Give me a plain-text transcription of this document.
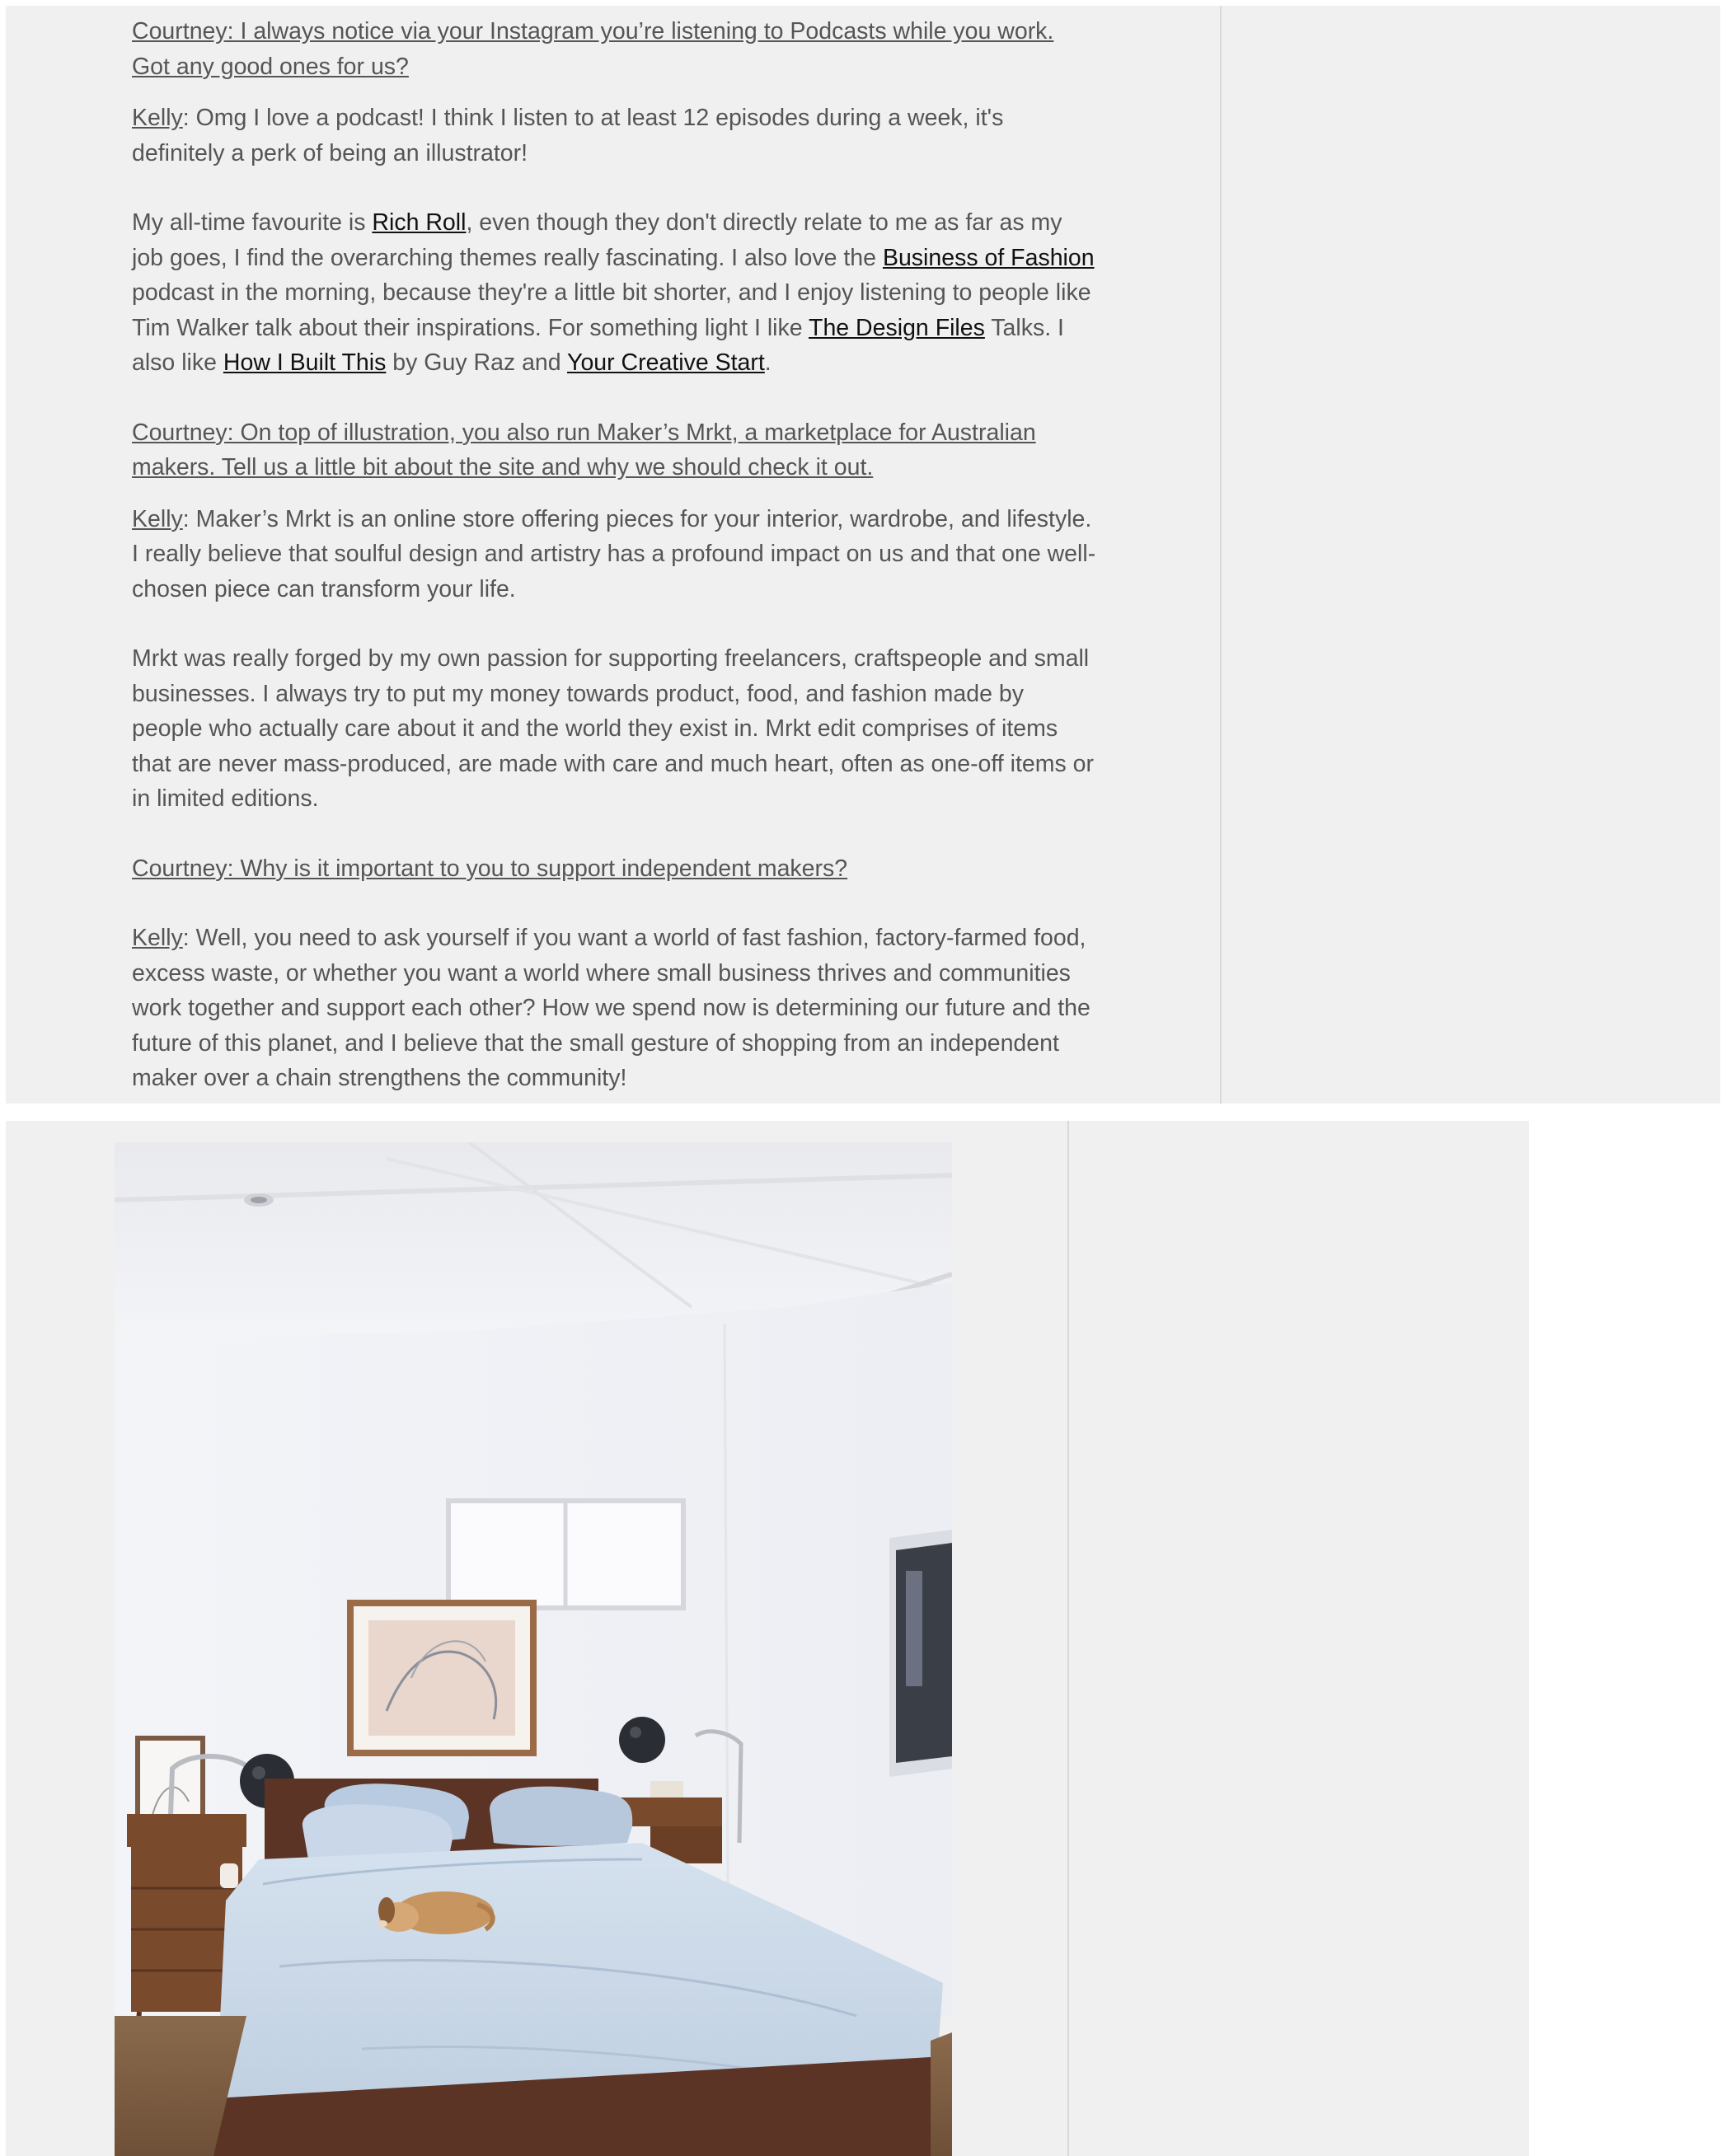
Courtney: I always notice via your Instagram you’re listening to Podcasts while you work. Got any good ones for us?

Kelly: Omg I love a podcast! I think I listen to at least 12 episodes during a week, it's definitely a perk of being an illustrator!

My all-time favourite is Rich Roll, even though they don't directly relate to me as far as my job goes, I find the overarching themes really fascinating. I also love the Business of Fashion podcast in the morning, because they're a little bit shorter, and I enjoy listening to people like Tim Walker talk about their inspirations. For something light I like The Design Files Talks. I also like How I Built This by Guy Raz and Your Creative Start.

Courtney: On top of illustration, you also run Maker’s Mrkt, a marketplace for Australian makers. Tell us a little bit about the site and why we should check it out.

Kelly: Maker’s Mrkt is an online store offering pieces for your interior, wardrobe, and lifestyle. I really believe that soulful design and artistry has a profound impact on us and that one well-chosen piece can transform your life.

Mrkt was really forged by my own passion for supporting freelancers, craftspeople and small businesses. I always try to put my money towards product, food, and fashion made by people who actually care about it and the world they exist in. Mrkt edit comprises of items that are never mass-produced, are made with care and much heart, often as one-off items or in limited editions.

Courtney: Why is it important to you to support independent makers?

Kelly: Well, you need to ask yourself if you want a world of fast fashion, factory-farmed food, excess waste, or whether you want a world where small business thrives and communities work together and support each other? How we spend now is determining our future and the future of this planet, and I believe that the small gesture of shopping from an independent maker over a chain strengthens the community!
